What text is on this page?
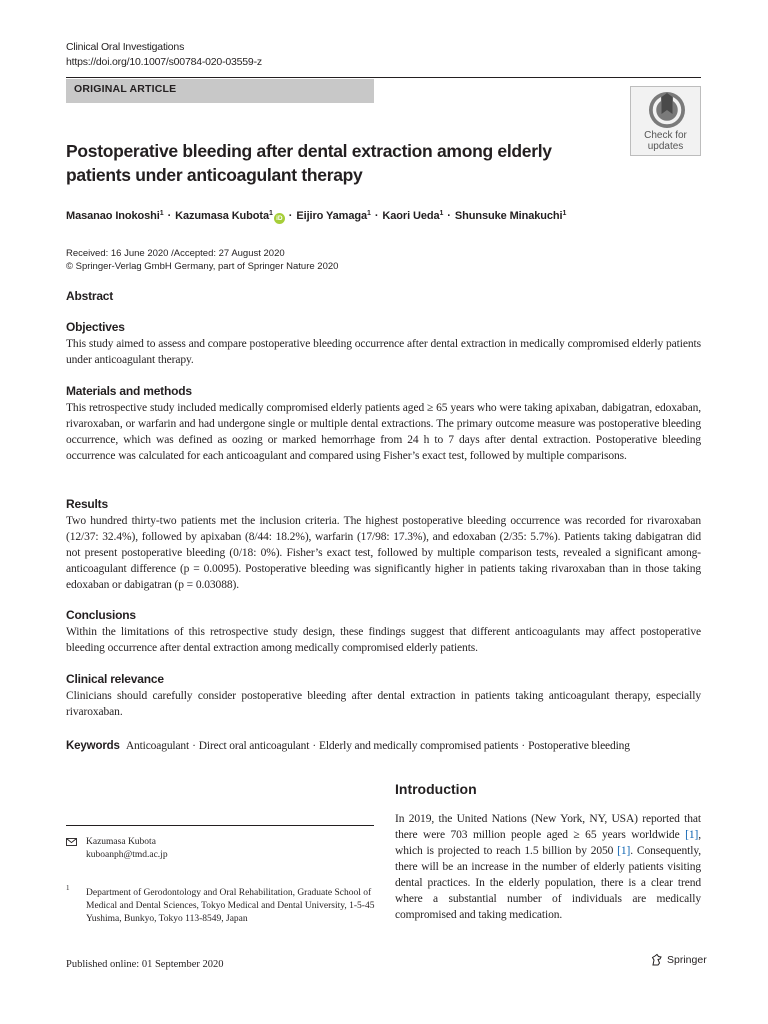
Clinical Oral Investigations
https://doi.org/10.1007/s00784-020-03559-z
ORIGINAL ARTICLE
Check for
updates
Postoperative bleeding after dental extraction among elderly patients under anticoagulant therapy
Masanao Inokoshi$^1$ · Kazumasa Kubota$^1$iD · Eijiro Yamaga$^1$ · Kaori Ueda$^1$ · Shunsuke Minakuchi$^1$
Received: 16 June 2020 /Accepted: 27 August 2020
© Springer-Verlag GmbH Germany, part of Springer Nature 2020
Abstract
Objectives
This study aimed to assess and compare postoperative bleeding occurrence after dental extraction in medically compromised elderly patients under anticoagulant therapy.
Materials and methods
This retrospective study included medically compromised elderly patients aged ≥ 65 years who were taking apixaban, dabigatran, edoxaban, rivaroxaban, or warfarin and had undergone single or multiple dental extractions. The primary outcome measure was postoperative bleeding occurrence, which was defined as oozing or marked hemorrhage from 24 h to 7 days after dental extraction. Postoperative bleeding occurrence was calculated for each anticoagulant and compared using Fisher’s exact test, followed by multiple comparisons.
Results
Two hundred thirty-two patients met the inclusion criteria. The highest postoperative bleeding occurrence was recorded for rivaroxaban (12/37: 32.4%), followed by apixaban (8/44: 18.2%), warfarin (17/98: 17.3%), and edoxaban (2/35: 5.7%). Patients taking dabigatran did not present postoperative bleeding (0/18: 0%). Fisher’s exact test, followed by multiple comparison tests, revealed a significant among-anticoagulant difference (p = 0.0095). Postoperative bleeding was significantly higher in patients taking rivaroxaban than in those taking edoxaban or dabigatran (p = 0.03088).
Conclusions
Within the limitations of this retrospective study design, these findings suggest that different anticoagulants may affect postoperative bleeding occurrence after dental extraction among medically compromised elderly patients.
Clinical relevance
Clinicians should carefully consider postoperative bleeding after dental extraction in patients taking anticoagulant therapy, especially rivaroxaban.
Keywords Anticoagulant · Direct oral anticoagulant · Elderly and medically compromised patients · Postoperative bleeding
Introduction
In 2019, the United Nations (New York, NY, USA) reported that there were 703 million people aged ≥ 65 years worldwide [1], which is projected to reach 1.5 billion by 2050 [1]. Consequently, there will be an increase in the number of elderly patients visiting dental practices. In the elderly population, there is a clear trend where a substantial number of individuals are medically compromised and taking medication.
Kazumasa Kubota
kuboanph@tmd.ac.jp
1 Department of Gerodontology and Oral Rehabilitation, Graduate School of Medical and Dental Sciences, Tokyo Medical and Dental University, 1-5-45 Yushima, Bunkyo, Tokyo 113-8549, Japan
Published online: 01 September 2020	Springer
